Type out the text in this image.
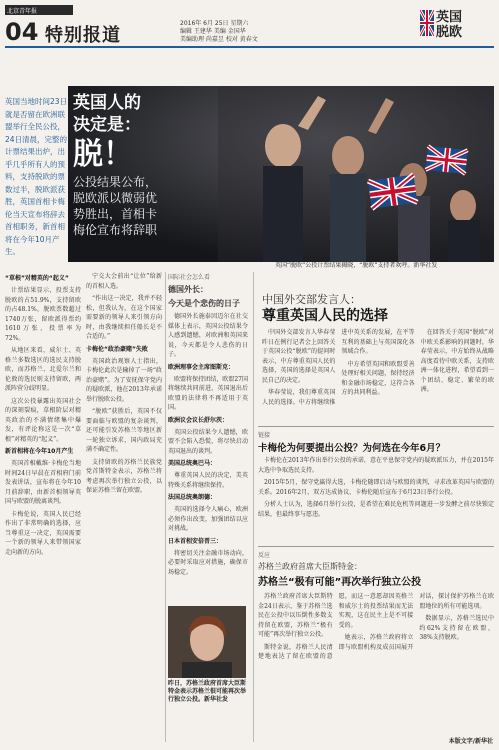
北京青年报
04 特别报道
2016年 6月 25日 星期六
编辑 王建华 美编 金国华
美编助理 尚嘉昱 校对 黄春文
英国
脱欧
英国当地时间23日就是否留在欧洲联盟举行全民公投，24日清晨，完整的计票结果出炉，出乎几乎所有人的预料，支持脱欧的票数过半，脱欧派获胜，英国首相卡梅伦当天宣布将辞去首相职务，新首相将在今年10月产生。
英国人的
决定是：
脱！
公投结果公布，
脱欧派以微弱优
势胜出，首相卡
梅伦宣布将辞职
英国“脱欧”公投计票结果揭晓，“脱欧”支持者欢呼。新华社发

“草根”对精英的“起义”

计票结果显示，投票支持脱欧的占51.9%，支持留欧的占48.1%，脱欧票数超过1740万张，留欧派得票约1610万张，投票率为72%。

从地区来看，威尔士、英格兰多数选区的选民支持脱欧，而苏格兰、北爱尔兰和伦敦的选民则支持留欧，两派阵营分歧明显。

这次公投暴露出英国社会的深刻裂痕，草根阶层对精英政治的不满情绪集中爆发，有评论称这是一次“草根”对精英的“起义”。

新首相将在今年10月产生

英国首相戴维·卡梅伦当地时间24日早晨在首相府门前发表讲话，宣布将在今年10月前辞职，由新首相领导英国与欧盟的脱离谈判。

卡梅伦说，英国人民已经作出了非常明确的选择，应当尊重这一决定，英国需要一个新的领导人来带领国家走向新的方向。

宁交大会前出“让位”给新的首相人选。

“作出这一决定，我并不轻松，但我认为，在这个国家需要新的领导人来引领方向时，由我继续担任船长是不合适的。”

卡梅伦“政治豪赌”失败

英国政治观察人士指出，卡梅伦此次是输掉了一场“政治豪赌”。为了安抚保守党内的疑欧派，他在2013年承诺举行脱欧公投。

“脱欧”获胜后，英国不仅要面临与欧盟的复杂谈判，还可能引发苏格兰等地区新一轮独立诉求，国内政局充满不确定性。

支持留欧的苏格兰民族党党首斯特金表示，苏格兰将考虑再次举行独立公投，以保证苏格兰留在欧盟。

国际社会怎么看
德国外长：
今天是个悲伤的日子

德国外长施泰因迈尔在社交媒体上表示，英国公投结果令人感到遗憾，对欧洲和英国来说，今天都是令人悲伤的日子。

欧洲理事会主席图斯克：

欧盟将保持团结，欧盟27国将继续共同前进，英国退出后欧盟的法律将不再适用于英国。

欧洲议会议长舒尔茨：

英国公投结果令人遗憾，欧盟不会陷入恐慌，将尽快启动英国退出的谈判。

美国总统奥巴马：

尊重英国人民的决定，美英特殊关系将继续保持。

法国总统奥朗德：

英国的选择令人痛心，欧洲必须作出改变，加强团结以应对挑战。

日本首相安倍晋三：

将密切关注金融市场动向，必要时采取应对措施，确保市场稳定。

昨日，苏格兰政府首席大臣斯特金表示苏格兰很可能再次举行独立公投。新华社发
中国外交部发言人：
尊重英国人民的选择

中国外交部发言人华春莹昨日在例行记者会上回答关于英国公投“脱欧”的提问时表示，中方尊重英国人民的选择，英国的选择是英国人民自己的决定。

华春莹说，我们尊重英国人民的选择。中方将继续推进中英关系的发展，在平等互利的基础上与英国深化各领域合作。

中方希望英国和欧盟妥善处理好相关问题，保持经济和金融市场稳定，这符合各方的共同利益。

在回答关于英国“脱欧”对中欧关系影响的问题时，华春莹表示，中方始终从战略高度看待中欧关系，支持欧洲一体化进程，希望看到一个团结、稳定、繁荣的欧洲。

链接
卡梅伦为何要提出公投？为何选在今年6月？

卡梅伦在2013年作出举行公投的承诺，意在平息保守党内的疑欧派压力，并在2015年大选中争取选民支持。

2015年5月，保守党赢得大选，卡梅伦随即启动与欧盟的谈判，寻求改革英国与欧盟的关系。2016年2月，双方达成协议，卡梅伦随后宣布于6月23日举行公投。

分析人士认为，选择6月举行公投，是希望在难民危机等问题进一步发酵之前尽快锁定结果，但最终事与愿违。

反应
苏格兰政府首席大臣斯特金：
苏格兰“极有可能”再次举行独立公投

苏格兰政府首席大臣斯特金24日表示，鉴于苏格兰选民在公投中以压倒性多数支持留在欧盟，苏格兰“极有可能”再次举行独立公投。

斯特金说，苏格兰人民清楚地表达了留在欧盟的意愿，而这一意愿却因英格兰和威尔士的投票结果而无法实现，这在民主上是不可接受的。

她表示，苏格兰政府将立即与欧盟机构及成员国展开对话，探讨保护苏格兰在欧盟地位的所有可能选项。

数据显示，苏格兰选民中约62%支持留在欧盟，38%支持脱欧。

本版文字/新华社
